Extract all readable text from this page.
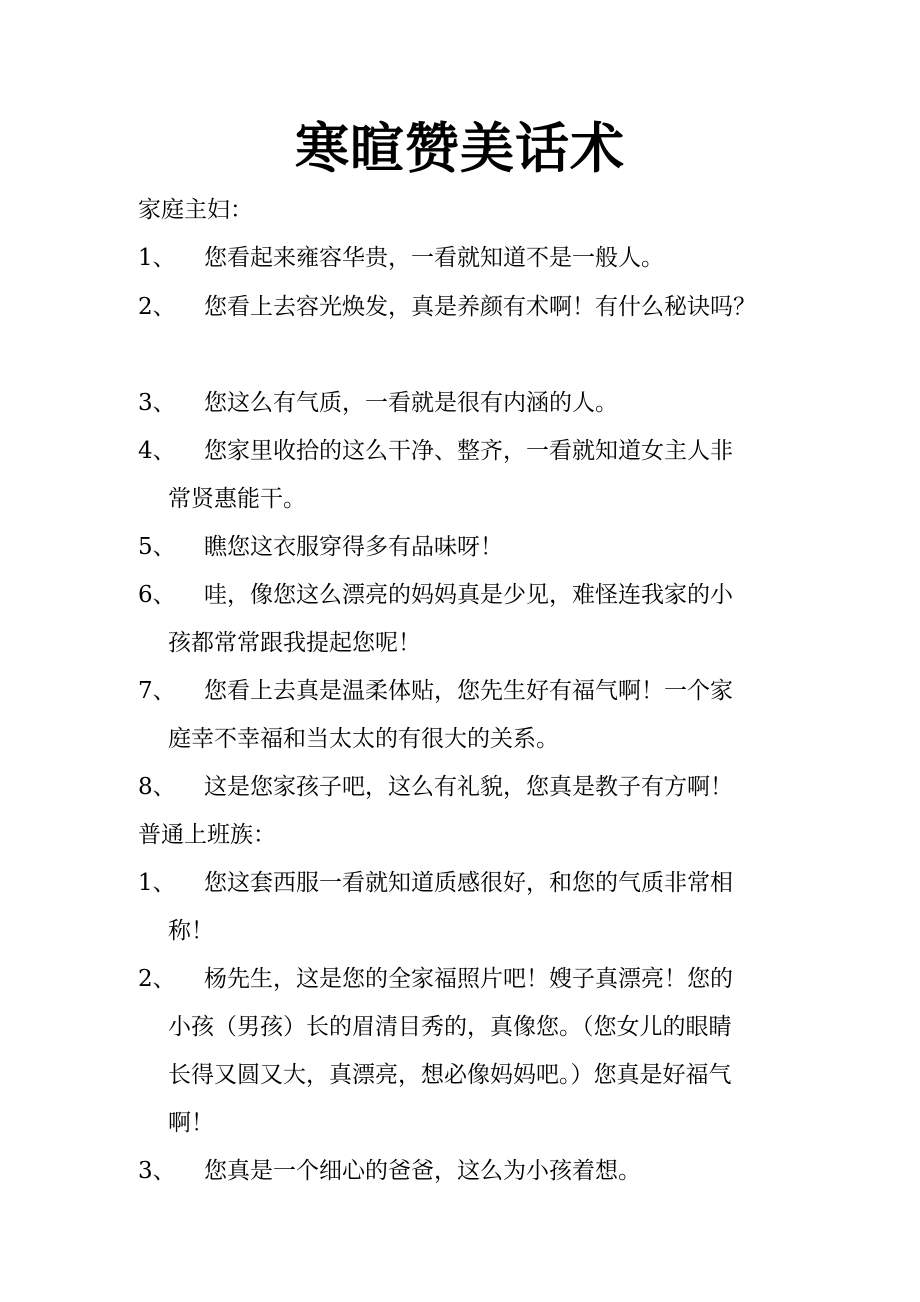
寒暄赞美话术
家庭主妇：
1、 您看起来雍容华贵，一看就知道不是一般人。
2、 您看上去容光焕发，真是养颜有术啊！有什么秘诀吗？
3、 您这么有气质，一看就是很有内涵的人。
4、 您家里收拾的这么干净、整齐，一看就知道女主人非
常贤惠能干。
5、 瞧您这衣服穿得多有品味呀！
6、 哇，像您这么漂亮的妈妈真是少见，难怪连我家的小
孩都常常跟我提起您呢！
7、 您看上去真是温柔体贴，您先生好有福气啊！一个家
庭幸不幸福和当太太的有很大的关系。
8、 这是您家孩子吧，这么有礼貌，您真是教子有方啊！
普通上班族：
1、 您这套西服一看就知道质感很好，和您的气质非常相
称！
2、 杨先生，这是您的全家福照片吧！嫂子真漂亮！您的
小孩（男孩）长的眉清目秀的，真像您。（您女儿的眼睛
长得又圆又大，真漂亮，想必像妈妈吧。）您真是好福气
啊！
3、 您真是一个细心的爸爸，这么为小孩着想。
